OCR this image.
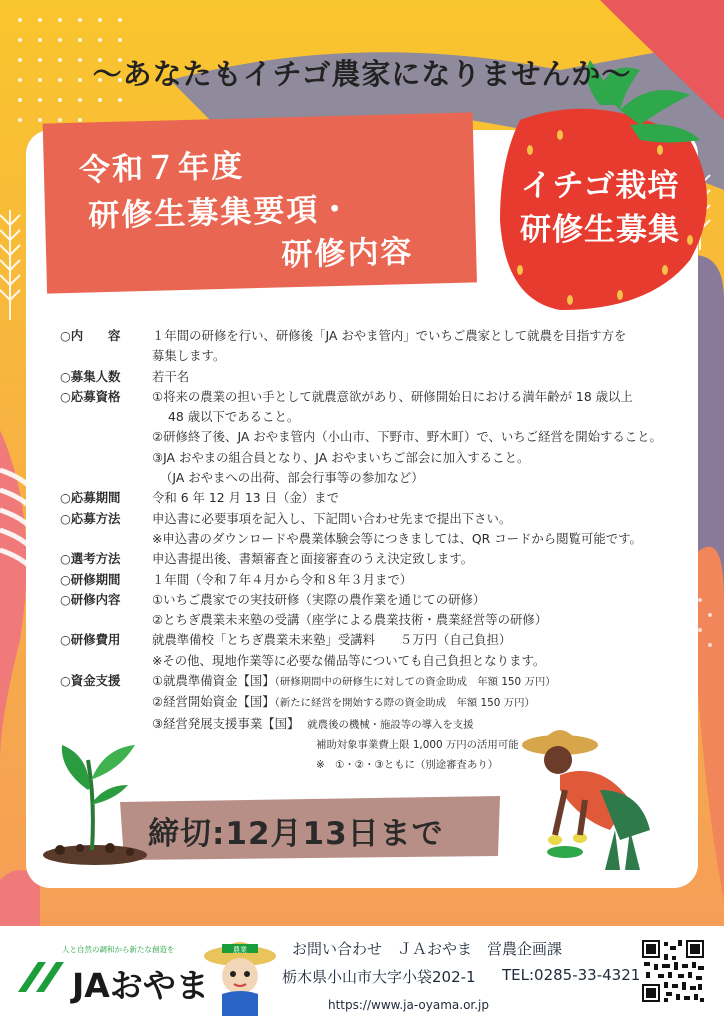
〜あなたもイチゴ農家になりませんか〜
令和７年度
研修生募集要項・
研修内容
イチゴ栽培
研修生募集
○内　　容	１年間の研修を行い、研修後「JA おやま管内」でいちご農家として就農を目指す方を
募集します。
○募集人数	若干名
○応募資格	①将来の農業の担い手として就農意欲があり、研修開始日における満年齢が 18 歳以上
48 歳以下であること。
②研修終了後、JA おやま管内（小山市、下野市、野木町）で、いちご経営を開始すること。
③JA おやまの組合員となり、JA おやまいちご部会に加入すること。
（JA おやまへの出荷、部会行事等の参加など）
○応募期間	令和 6 年 12 月 13 日（金）まで
○応募方法	申込書に必要事項を記入し、下記問い合わせ先まで提出下さい。
※申込書のダウンロードや農業体験会等につきましては、QR コードから閲覧可能です。
○選考方法	申込書提出後、書類審査と面接審査のうえ決定致します。
○研修期間	１年間（令和７年４月から令和８年３月まで）
○研修内容	①いちご農家での実技研修（実際の農作業を通じての研修）
②とちぎ農業未来塾の受講（座学による農業技術・農業経営等の研修）
○研修費用	就農準備校「とちぎ農業未来塾」受講料　　５万円（自己負担）
※その他、現地作業等に必要な備品等についても自己負担となります。
○資金支援	①就農準備資金【国】（研修期間中の研修生に対しての資金助成　年額 150 万円）
②経営開始資金【国】（新たに経営を開始する際の資金助成　年額 150 万円）
③経営発展支援事業【国】 就農後の機械・施設等の導入を支援
補助対象事業費上限 1,000 万円の活用可能
※　①・②・③ともに（別途審査あり）
締切:12月13日まで
人と自然の調和から新たな創造を
JAおやま
農業	お問い合わせ　ＪＡおやま　営農企画課
栃木県小山市大字小袋202-1 TEL:0285-33-4321
https://www.ja-oyama.or.jp
